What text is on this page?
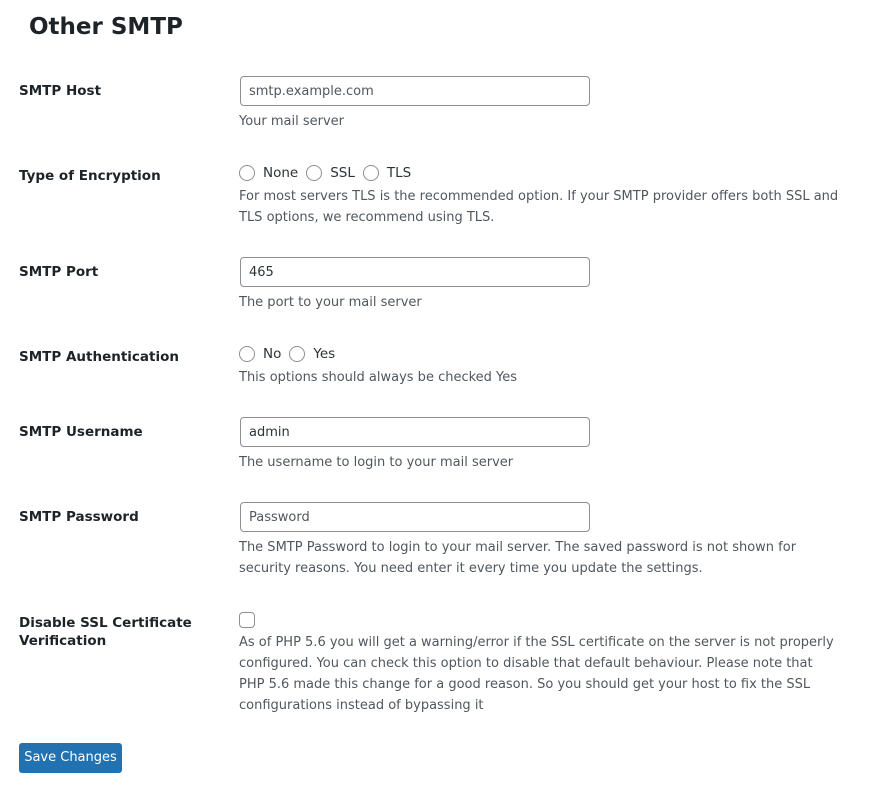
Other SMTP
SMTP Host
smtp.example.com

Your mail server

Type of Encryption	None SSL TLS

For most servers TLS is the recommended option. If your SMTP provider offers both SSL and TLS options, we recommend using TLS.

SMTP Port
465

The port to your mail server

SMTP Authentication	No Yes

This options should always be checked Yes

SMTP Username
admin

The username to login to your mail server

SMTP Password

The SMTP Password to login to your mail server. The saved password is not shown for security reasons. You need enter it every time you update the settings.

Disable SSL Certificate Verification	As of PHP 5.6 you will get a warning/error if the SSL certificate on the server is not properly configured. You can check this option to disable that default behaviour. Please note that PHP 5.6 made this change for a good reason. So you should get your host to fix the SSL configurations instead of bypassing it

Save Changes
